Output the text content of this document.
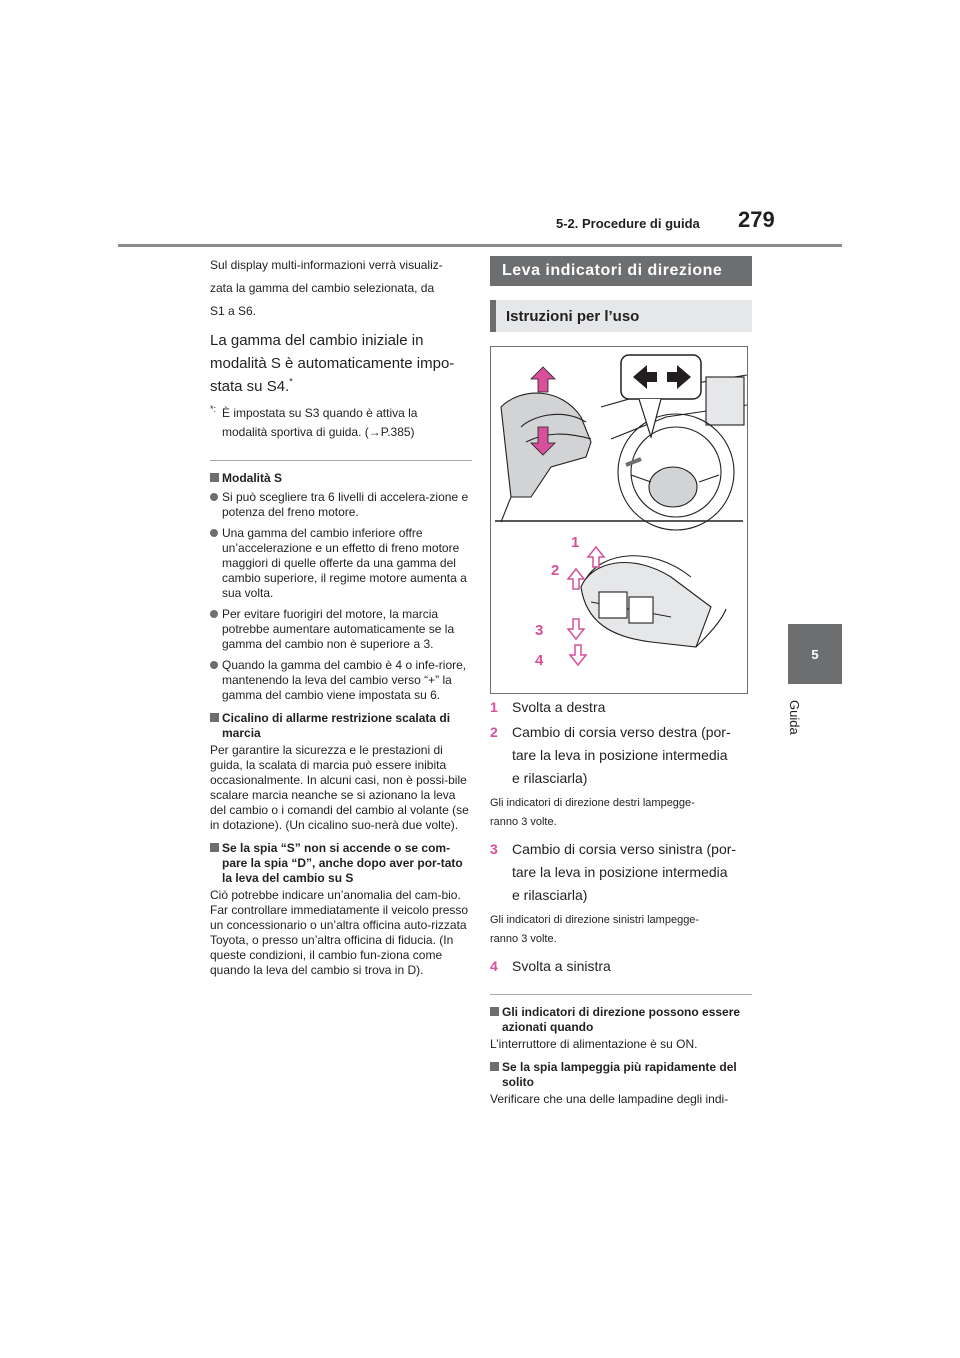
5-2. Procedure di guida 279
5
Guida

Sul display multi-informazioni verrà visualiz-

zata la gamma del cambio selezionata, da

S1 a S6.

La gamma del cambio iniziale in

modalità S è automaticamente impo-

stata su S4.

*
*: È impostata su S3 quando è attiva la
modalità sportiva di guida. (→P.385)
Modalità S
Si può scegliere tra 6 livelli di accelera-zione e potenza del freno motore.
Una gamma del cambio inferiore offre un’accelerazione e un effetto di freno motore maggiori di quelle offerte da una gamma del cambio superiore, il regime motore aumenta a sua volta.
Per evitare fuorigiri del motore, la marcia potrebbe aumentare automaticamente se la gamma del cambio non è superiore a 3.
Quando la gamma del cambio è 4 o infe-riore, mantenendo la leva del cambio verso “+” la gamma del cambio viene impostata su 6.
Cicalino di allarme restrizione scalata di marcia
Per garantire la sicurezza e le prestazioni di guida, la scalata di marcia può essere inibita occasionalmente. In alcuni casi, non è possi-bile scalare marcia neanche se si azionano la leva del cambio o i comandi del cambio al volante (se in dotazione). (Un cicalino suo-nerà due volte).
Se la spia “S” non si accende o se com-pare la spia “D”, anche dopo aver por-tato la leva del cambio su S
Ciò potrebbe indicare un’anomalia del cam-bio. Far controllare immediatamente il veicolo presso un concessionario o un’altra officina auto-rizzata Toyota, o presso un’altra officina di fiducia. (In queste condizioni, il cambio fun-ziona come quando la leva del cambio si trova in D).
Leva indicatori di direzione
Istruzioni per l’uso
1
2
3
4
1 Svolta a destra
2 Cambio di corsia verso destra (por-
tare la leva in posizione intermedia
e rilasciarla)
Gli indicatori di direzione destri lampegge-
ranno 3 volte.
3 Cambio di corsia verso sinistra (por-
tare la leva in posizione intermedia
e rilasciarla)
Gli indicatori di direzione sinistri lampegge-
ranno 3 volte.
4 Svolta a sinistra
Gli indicatori di direzione possono essere azionati quando
L’interruttore di alimentazione è su ON.
Se la spia lampeggia più rapidamente del solito
Verificare che una delle lampadine degli indi-
